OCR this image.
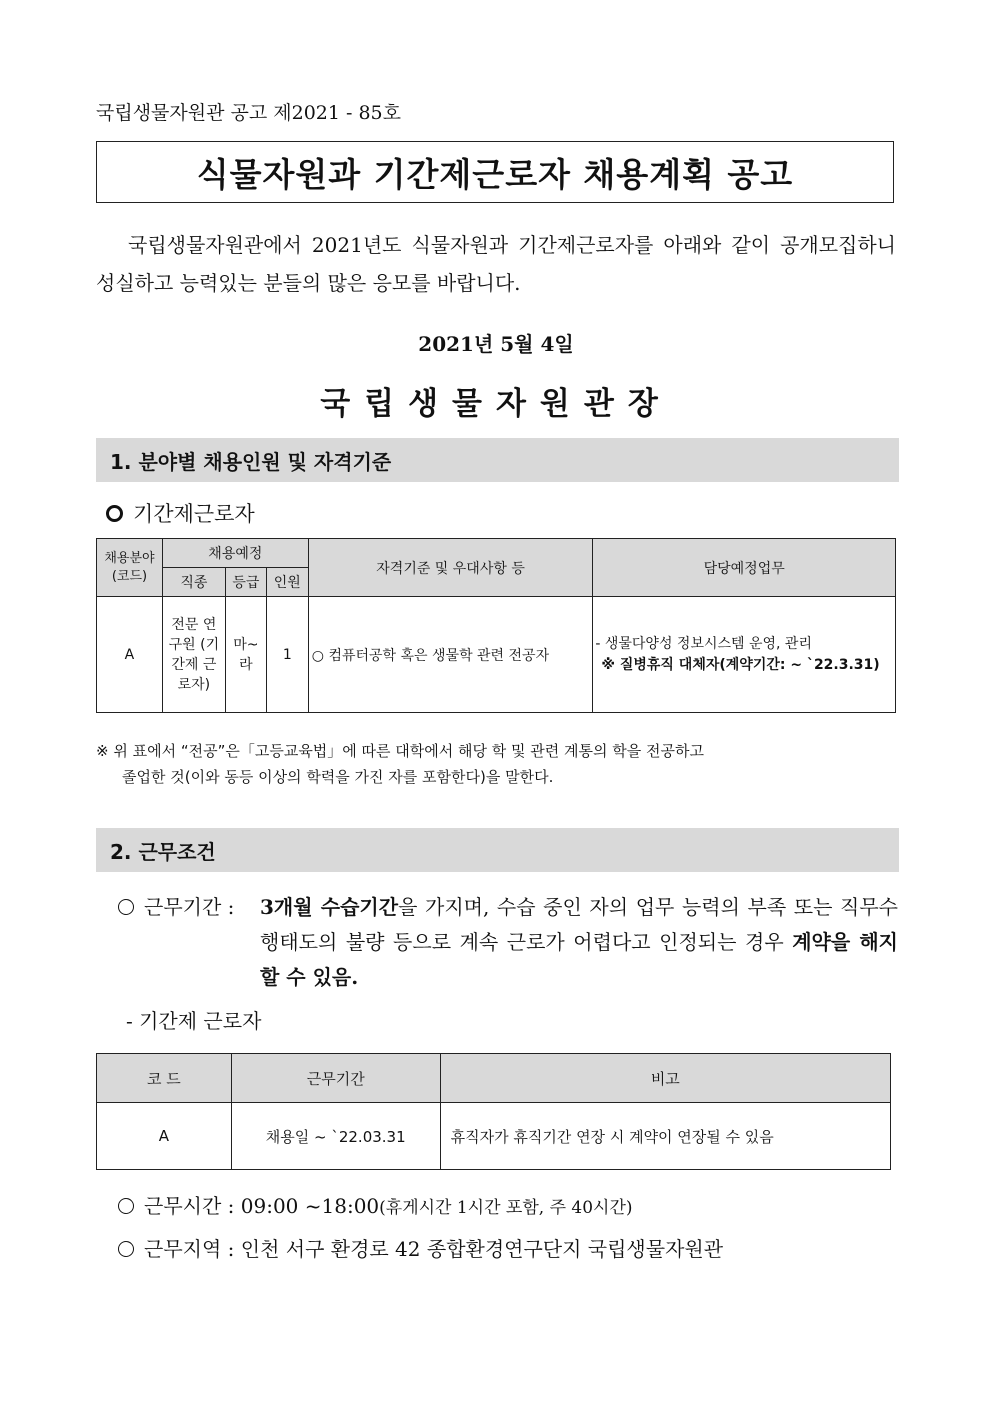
국립생물자원관 공고 제2021 - 85호
식물자원과 기간제근로자 채용계획 공고

국립생물자원관에서 2021년도 식물자원과 기간제근로자를 아래와 같이 공개모집하니 성실하고 능력있는 분들의 많은 응모를 바랍니다.

2021년 5월 4일
국립생물자원관장
1. 분야별 채용인원 및 자격기준
기간제근로자
채용분야 (코드)	채용예정			자격기준 및 우대사항 등	담당예정업무
	직종	등급	인원		
A	전문 연구원 (기간제 근로자)	마~ 라	1	○ 컴퓨터공학 혹은 생물학 관련 전공자	- 생물다양성 정보시스템 운영, 관리
※ 질병휴직 대체자(계약기간: ~ `22.3.31)
※ 위 표에서 “전공”은「고등교육법」에 따른 대학에서 해당 학 및 관련 계통의 학을 전공하고
졸업한 것(이와 동등 이상의 학력을 가진 자를 포함한다)을 말한다.
2. 근무조건
근무기간 : 3개월 수습기간을 가지며, 수습 중인 자의 업무 능력의 부족 또는 직무수행태도의 불량 등으로 계속 근로가 어렵다고 인정되는 경우 계약을 해지 할 수 있음.
- 기간제 근로자
코 드	근무기간	비고
A	채용일 ~ `22.03.31	휴직자가 휴직기간 연장 시 계약이 연장될 수 있음
근무시간 : 09:00 ~18:00(휴게시간 1시간 포함, 주 40시간)
근무지역 : 인천 서구 환경로 42 종합환경연구단지 국립생물자원관
